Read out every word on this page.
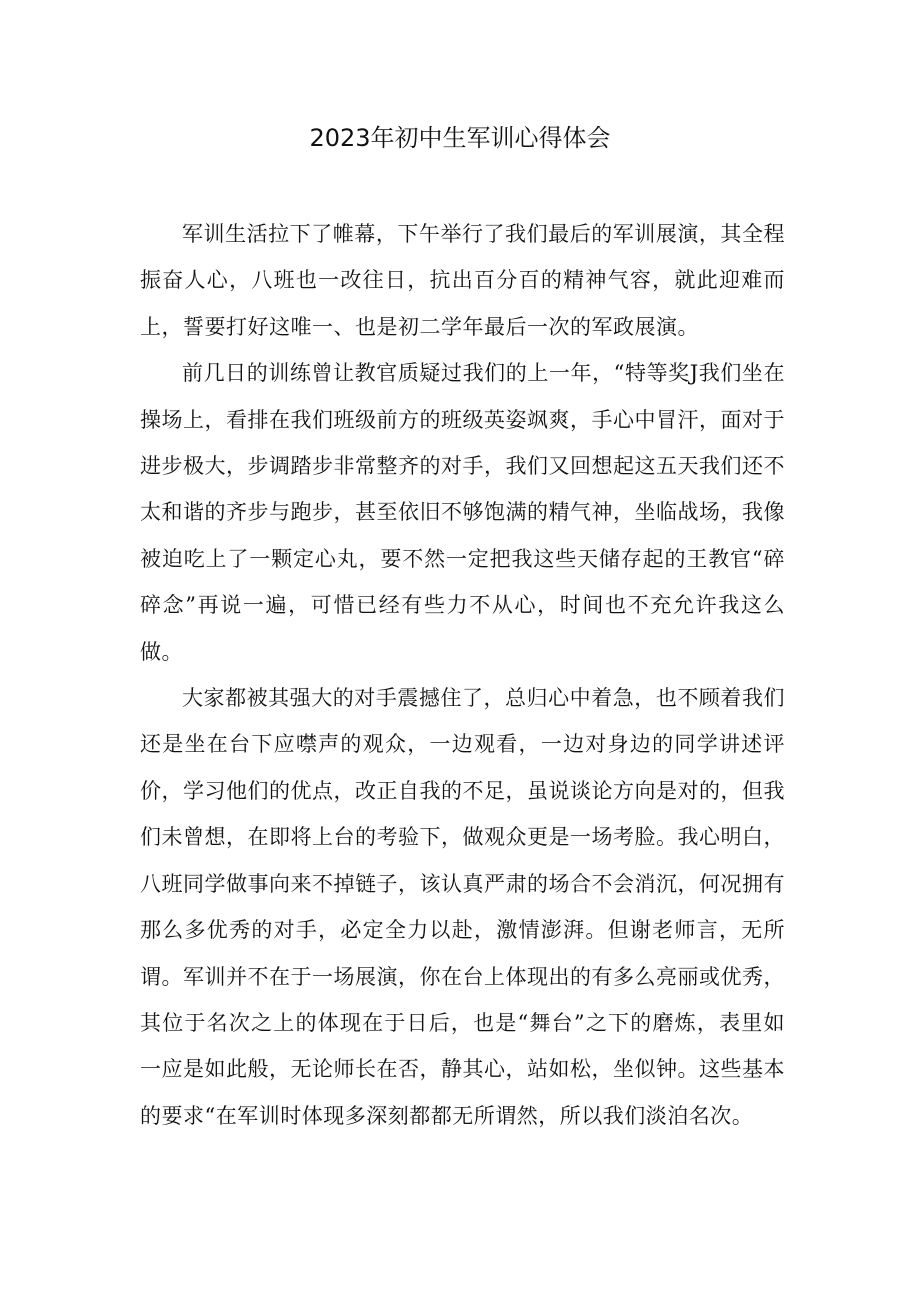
2023年初中生军训心得体会

军训生活拉下了帷幕，下午举行了我们最后的军训展演，其全程振奋人心，八班也一改往日，抗出百分百的精神气容，就此迎难而上，誓要打好这唯一、也是初二学年最后一次的军政展演。

前几日的训练曾让教官质疑过我们的上一年，“特等奖J我们坐在操场上，看排在我们班级前方的班级英姿飒爽，手心中冒汗，面对于进步极大，步调踏步非常整齐的对手，我们又回想起这五天我们还不太和谐的齐步与跑步，甚至依旧不够饱满的精气神，坐临战场，我像被迫吃上了一颗定心丸，要不然一定把我这些天储存起的王教官“碎碎念”再说一遍，可惜已经有些力不从心，时间也不充允许我这么做。

大家都被其强大的对手震撼住了，总归心中着急，也不顾着我们还是坐在台下应噤声的观众，一边观看，一边对身边的同学讲述评价，学习他们的优点，改正自我的不足，虽说谈论方向是对的，但我们未曾想，在即将上台的考验下，做观众更是一场考脸。我心明白，八班同学做事向来不掉链子，该认真严肃的场合不会消沉，何况拥有那么多优秀的对手，必定全力以赴，激情澎湃。但谢老师言，无所谓。军训并不在于一场展演，你在台上体现出的有多么亮丽或优秀，其位于名次之上的体现在于日后，也是“舞台”之下的磨炼，表里如一应是如此般，无论师长在否，静其心，站如松，坐似钟。这些基本的要求“在军训时体现多深刻都都无所谓然，所以我们淡泊名次。
